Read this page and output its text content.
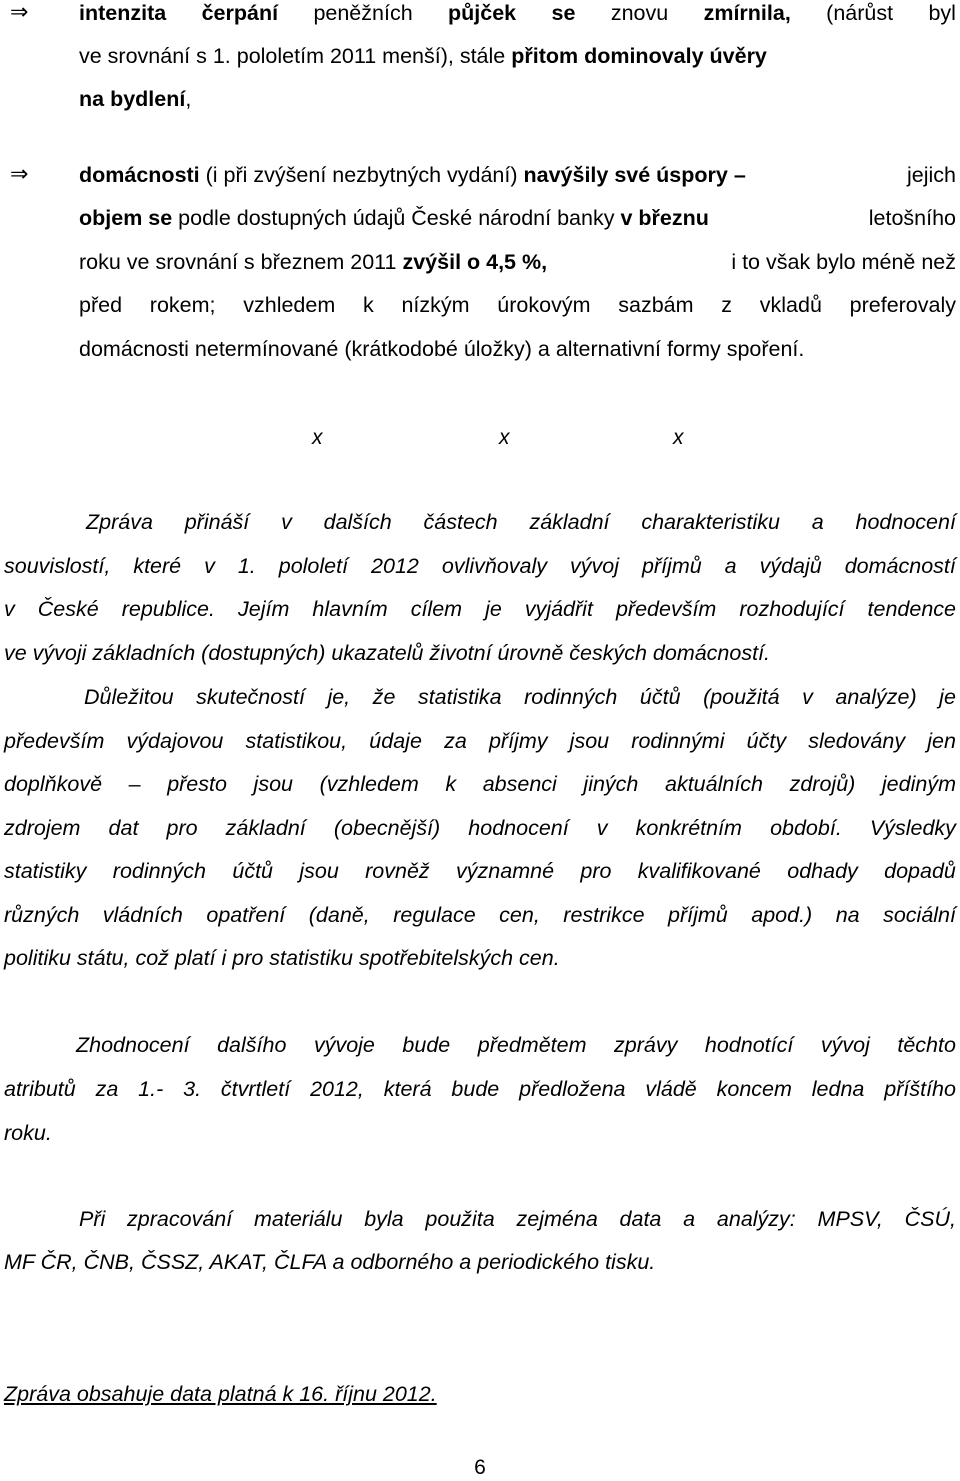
⇒ intenzita čerpání peněžních půjček se znovu zmírnila, (nárůst byl
ve srovnání s 1. pololetím 2011 menší), stále přitom dominovaly úvěry
na bydlení,
⇒ domácnosti (i při zvýšení nezbytných vydání) navýšily své úspory –	jejich
objem se podle dostupných údajů České národní banky v březnu	letošního
roku ve srovnání s březnem 2011 zvýšil o 4,5 %,	i to však bylo méně než
před rokem; vzhledem k nízkým úrokovým sazbám z vkladů preferovaly
domácnosti netermínované (krátkodobé úložky) a alternativní formy spoření.
x	x	x
Zpráva přináší v dalších částech základní charakteristiku a hodnocení
souvislostí, které v 1. pololetí 2012 ovlivňovaly vývoj příjmů a výdajů domácností
v České republice. Jejím hlavním cílem je vyjádřit především rozhodující tendence
ve vývoji základních (dostupných) ukazatelů životní úrovně českých domácností.
Důležitou skutečností je, že statistika rodinných účtů (použitá v analýze) je
především výdajovou statistikou, údaje za příjmy jsou rodinnými účty sledovány jen
doplňkově – přesto jsou (vzhledem k absenci jiných aktuálních zdrojů) jediným
zdrojem dat pro základní (obecnější) hodnocení v konkrétním období. Výsledky
statistiky rodinných účtů jsou rovněž významné pro kvalifikované odhady dopadů
různých vládních opatření (daně, regulace cen, restrikce příjmů apod.) na sociální
politiku státu, což platí i pro statistiku spotřebitelských cen.
Zhodnocení dalšího vývoje bude předmětem zprávy hodnotící vývoj těchto
atributů za 1.- 3. čtvrtletí 2012, která bude předložena vládě koncem ledna příštího
roku.
Při zpracování materiálu byla použita zejména data a analýzy: MPSV, ČSÚ,
MF ČR, ČNB, ČSSZ, AKAT, ČLFA a odborného a periodického tisku.
Zpráva obsahuje data platná k 16. říjnu 2012.
6
